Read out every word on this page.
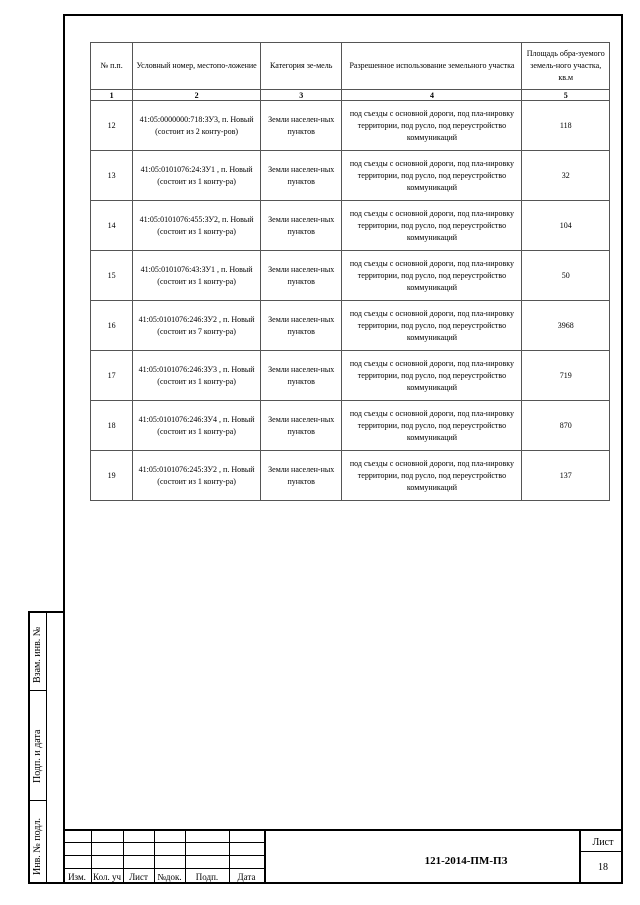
№ п.п.	Условный номер, местопо-ложение	Категория зе-мель	Разрешенное использование земельного участка	Площадь обра-зуемого земель-ного участка, кв.м
1	2	3	4	5
12	41:05:0000000:718:ЗУ3, п. Новый (состоит из 2 конту-ров)	Земли населен-ных пунктов	под съезды с основной дороги, под пла-нировку территории, под русло, под переустройство коммуникаций	118
13	41:05:0101076:24:ЗУ1 , п. Новый (состоит из 1 конту-ра)	Земли населен-ных пунктов	под съезды с основной дороги, под пла-нировку территории, под русло, под переустройство коммуникаций	32
14	41:05:0101076:455:ЗУ2, п. Новый (состоит из 1 конту-ра)	Земли населен-ных пунктов	под съезды с основной дороги, под пла-нировку территории, под русло, под переустройство коммуникаций	104
15	41:05:0101076:43:ЗУ1 , п. Новый (состоит из 1 конту-ра)	Земли населен-ных пунктов	под съезды с основной дороги, под пла-нировку территории, под русло, под переустройство коммуникаций	50
16	41:05:0101076:246:ЗУ2 , п. Новый (состоит из 7 конту-ра)	Земли населен-ных пунктов	под съезды с основной дороги, под пла-нировку территории, под русло, под переустройство коммуникаций	3968
17	41:05:0101076:246:ЗУ3 , п. Новый (состоит из 1 конту-ра)	Земли населен-ных пунктов	под съезды с основной дороги, под пла-нировку территории, под русло, под переустройство коммуникаций	719
18	41:05:0101076:246:ЗУ4 , п. Новый (состоит из 1 конту-ра)	Земли населен-ных пунктов	под съезды с основной дороги, под пла-нировку территории, под русло, под переустройство коммуникаций	870
19	41:05:0101076:245:ЗУ2 , п. Новый (состоит из 1 конту-ра)	Земли населен-ных пунктов	под съезды с основной дороги, под пла-нировку территории, под русло, под переустройство коммуникаций	137
Взам. инв. №
Подп. и дата
Инв. № подл.
Изм. Кол. уч Лист	№док.	Подп.	Дата
121-2014-ПМ-ПЗ
Лист
18
